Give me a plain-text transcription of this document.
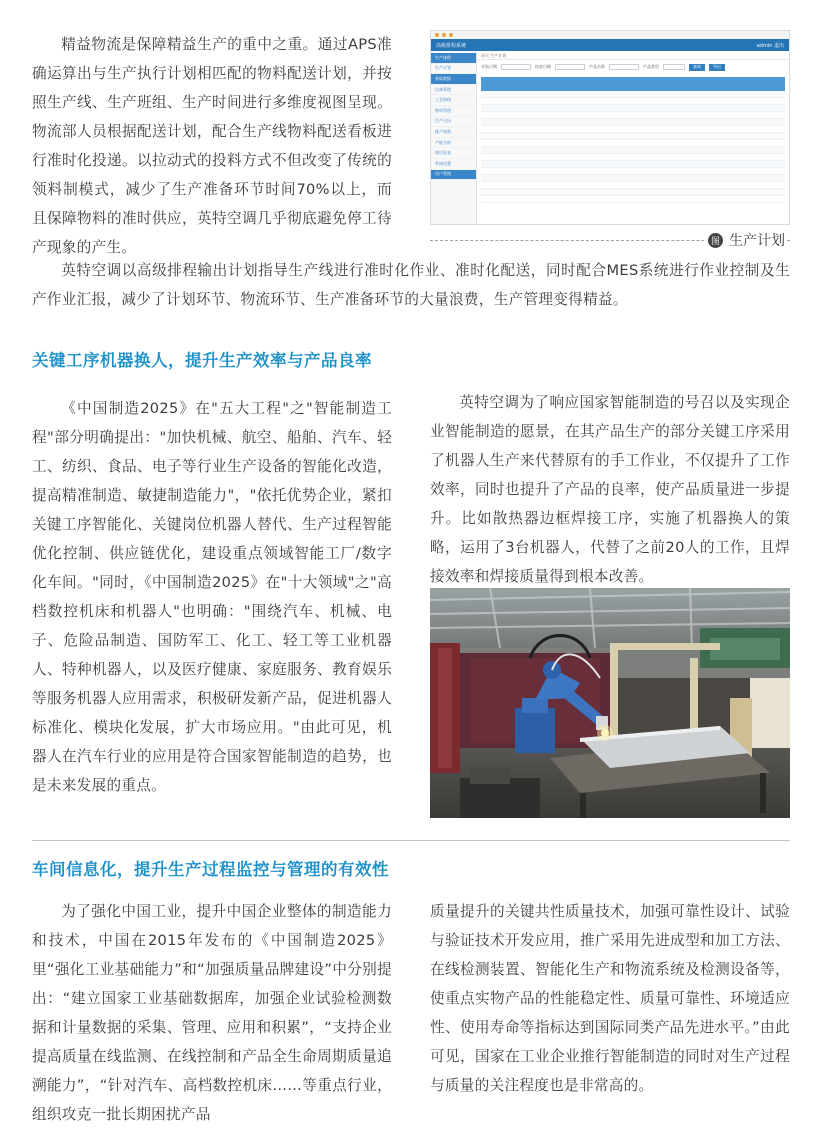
精益物流是保障精益生产的重中之重。通过APS准确运算出与生产执行计划相匹配的物料配送计划，并按照生产线、生产班组、生产时间进行多维度视图呈现。物流部人员根据配送计划，配合生产线物料配送看板进行准时化投递。以拉动式的投料方式不但改变了传统的领料制模式，减少了生产准备环节时间70%以上，而且保障物料的准时供应，英特空调几乎彻底避免停工待产现象的产生。

高级排程系统	admin 退出
生产排程
生产计划
基础数据
设备管理
工艺路线
物料管理
生产日历
排产规则
产能分析
统计报表
系统设置
用户管理
首页 生产计划
开始日期	结束日期	产品名称	产品类型	查询	导出
图 生产计划

英特空调以高级排程输出计划指导生产线进行准时化作业、准时化配送，同时配合MES系统进行作业控制及生产作业汇报，减少了计划环节、物流环节、生产准备环节的大量浪费，生产管理变得精益。

关键工序机器换人，提升生产效率与产品良率

《中国制造2025》在"五大工程"之"智能制造工程"部分明确提出："加快机械、航空、船舶、汽车、轻工、纺织、食品、电子等行业生产设备的智能化改造，提高精准制造、敏捷制造能力"，"依托优势企业，紧扣关键工序智能化、关键岗位机器人替代、生产过程智能优化控制、供应链优化，建设重点领域智能工厂/数字化车间。"同时，《中国制造2025》在"十大领域"之"高档数控机床和机器人"也明确："围绕汽车、机械、电子、危险品制造、国防军工、化工、轻工等工业机器人、特种机器人，以及医疗健康、家庭服务、教育娱乐等服务机器人应用需求，积极研发新产品，促进机器人标准化、模块化发展，扩大市场应用。"由此可见，机器人在汽车行业的应用是符合国家智能制造的趋势，也是未来发展的重点。

英特空调为了响应国家智能制造的号召以及实现企业智能制造的愿景，在其产品生产的部分关键工序采用了机器人生产来代替原有的手工作业，不仅提升了工作效率，同时也提升了产品的良率，使产品质量进一步提升。比如散热器边框焊接工序，实施了机器换人的策略，运用了3台机器人，代替了之前20人的工作，且焊接效率和焊接质量得到根本改善。

车间信息化，提升生产过程监控与管理的有效性

为了强化中国工业，提升中国企业整体的制造能力和技术，中国在2015年发布的《中国制造2025》里“强化工业基础能力”和“加强质量品牌建设”中分别提出：“建立国家工业基础数据库，加强企业试验检测数据和计量数据的采集、管理、应用和积累”，“支持企业提高质量在线监测、在线控制和产品全生命周期质量追溯能力”，“针对汽车、高档数控机床……等重点行业，组织攻克一批长期困扰产品

质量提升的关键共性质量技术，加强可靠性设计、试验与验证技术开发应用，推广采用先进成型和加工方法、在线检测装置、智能化生产和物流系统及检测设备等，使重点实物产品的性能稳定性、质量可靠性、环境适应性、使用寿命等指标达到国际同类产品先进水平。”由此可见，国家在工业企业推行智能制造的同时对生产过程与质量的关注程度也是非常高的。
